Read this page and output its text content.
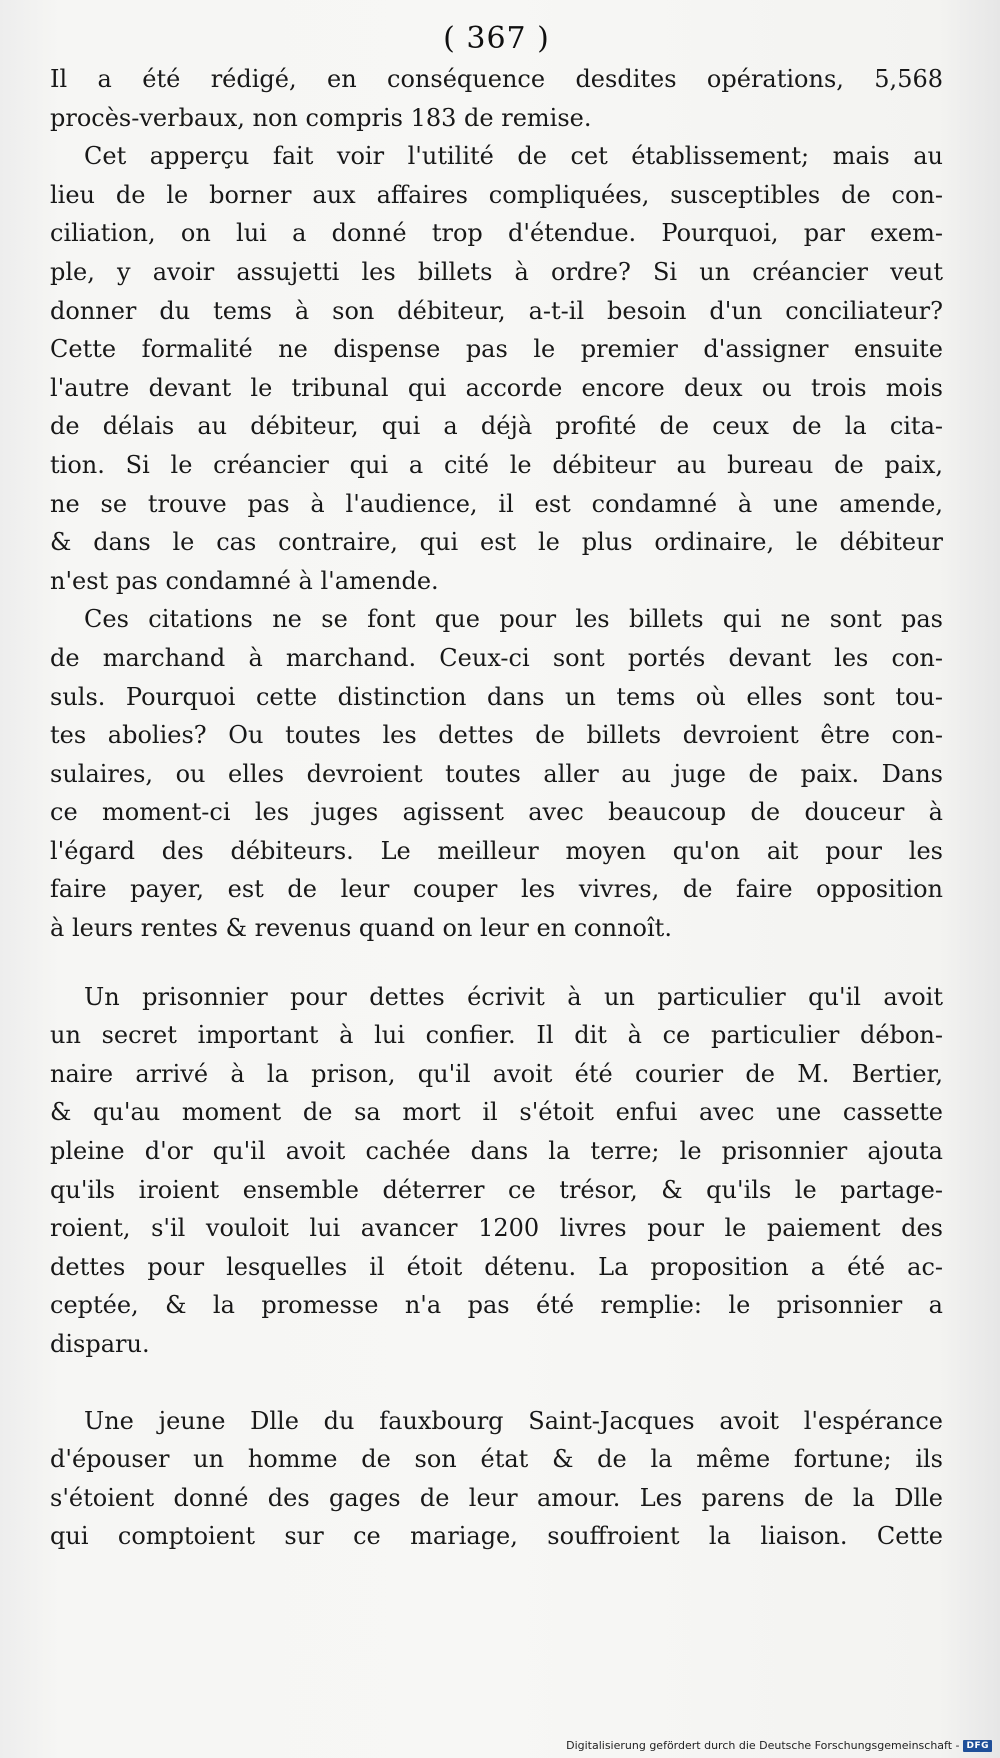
( 367 )
Il a été rédigé, en conséquence desdites opérations, 5,568
procès-verbaux, non compris 183 de remise.
Cet apperçu fait voir l'utilité de cet établissement; mais au
lieu de le borner aux affaires compliquées, susceptibles de con-
ciliation, on lui a donné trop d'étendue. Pourquoi, par exem-
ple, y avoir assujetti les billets à ordre? Si un créancier veut
donner du tems à son débiteur, a-t-il besoin d'un conciliateur?
Cette formalité ne dispense pas le premier d'assigner ensuite
l'autre devant le tribunal qui accorde encore deux ou trois mois
de délais au débiteur, qui a déjà profité de ceux de la cita-
tion. Si le créancier qui a cité le débiteur au bureau de paix,
ne se trouve pas à l'audience, il est condamné à une amende,
& dans le cas contraire, qui est le plus ordinaire, le débiteur
n'est pas condamné à l'amende.
Ces citations ne se font que pour les billets qui ne sont pas
de marchand à marchand. Ceux-ci sont portés devant les con-
suls. Pourquoi cette distinction dans un tems où elles sont tou-
tes abolies? Ou toutes les dettes de billets devroient être con-
sulaires, ou elles devroient toutes aller au juge de paix. Dans
ce moment-ci les juges agissent avec beaucoup de douceur à
l'égard des débiteurs. Le meilleur moyen qu'on ait pour les
faire payer, est de leur couper les vivres, de faire opposition
à leurs rentes & revenus quand on leur en connoît.
Un prisonnier pour dettes écrivit à un particulier qu'il avoit
un secret important à lui confier. Il dit à ce particulier débon-
naire arrivé à la prison, qu'il avoit été courier de M. Bertier,
& qu'au moment de sa mort il s'étoit enfui avec une cassette
pleine d'or qu'il avoit cachée dans la terre; le prisonnier ajouta
qu'ils iroient ensemble déterrer ce trésor, & qu'ils le partage-
roient, s'il vouloit lui avancer 1200 livres pour le paiement des
dettes pour lesquelles il étoit détenu. La proposition a été ac-
ceptée, & la promesse n'a pas été remplie: le prisonnier a
disparu.
Une jeune Dlle du fauxbourg Saint-Jacques avoit l'espérance
d'épouser un homme de son état & de la même fortune; ils
s'étoient donné des gages de leur amour. Les parens de la Dlle
qui comptoient sur ce mariage, souffroient la liaison. Cette
Digitalisierung gefördert durch die Deutsche Forschungsgemeinschaft - DFG
